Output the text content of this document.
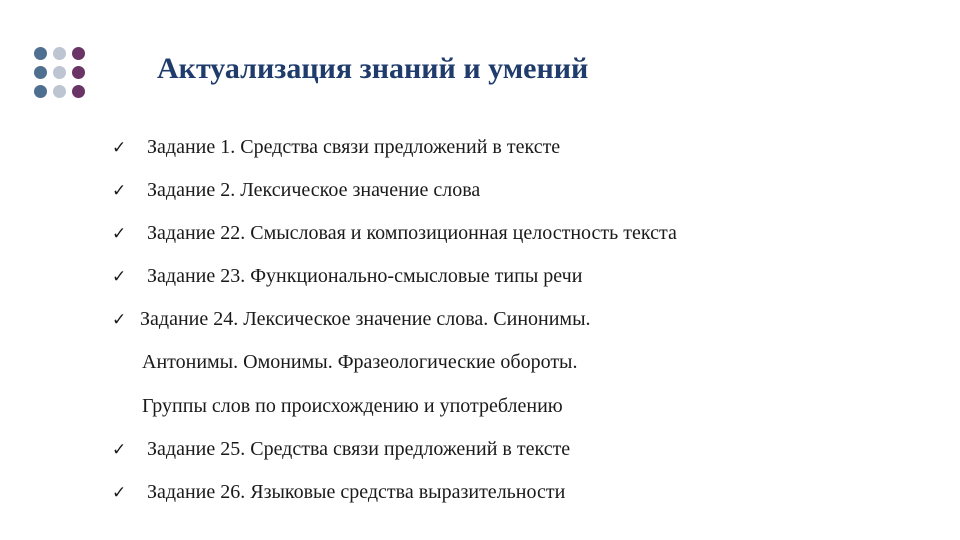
Актуализация знаний и умений
✓ Задание 1. Средства связи предложений в тексте
✓ Задание 2. Лексическое значение слова
✓ Задание 22. Смысловая и композиционная целостность текста
✓ Задание 23. Функционально-смысловые типы речи
✓ Задание 24. Лексическое значение слова. Синонимы.
Антонимы. Омонимы. Фразеологические обороты.
Группы слов по происхождению и употреблению
✓ Задание 25. Средства связи предложений в тексте
✓ Задание 26. Языковые средства выразительности
